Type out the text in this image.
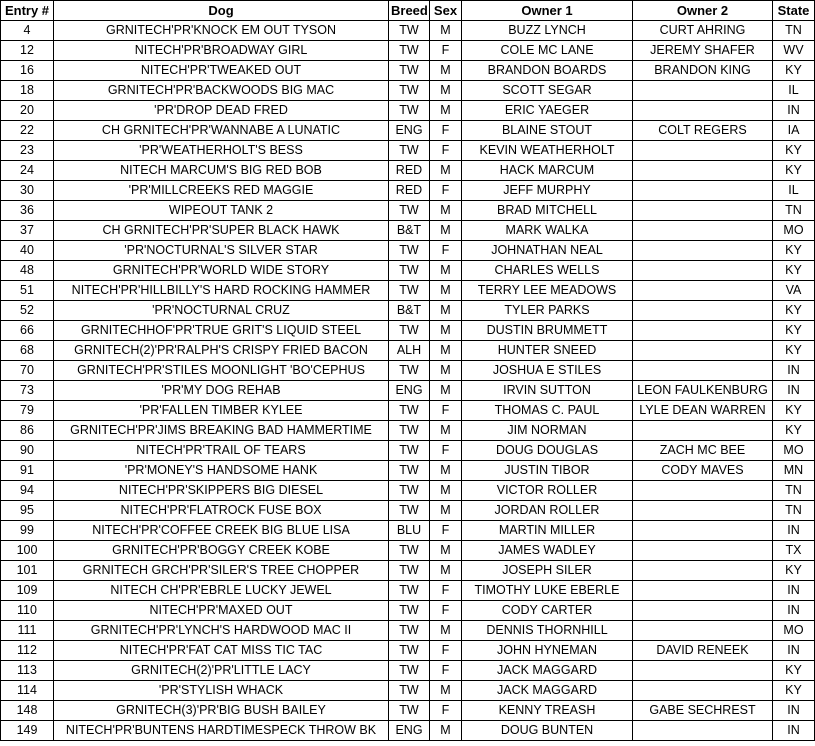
Entry #	Dog	Breed	Sex	Owner 1	Owner 2	State
4	GRNITECH'PR'KNOCK EM OUT TYSON	TW	M	BUZZ LYNCH	CURT AHRING	TN
12	NITECH'PR'BROADWAY GIRL	TW	F	COLE MC LANE	JEREMY SHAFER	WV
16	NITECH'PR'TWEAKED OUT	TW	M	BRANDON BOARDS	BRANDON KING	KY
18	GRNITECH'PR'BACKWOODS BIG MAC	TW	M	SCOTT SEGAR		IL
20	'PR'DROP DEAD FRED	TW	M	ERIC YAEGER		IN
22	CH GRNITECH'PR'WANNABE A LUNATIC	ENG	F	BLAINE STOUT	COLT REGERS	IA
23	'PR'WEATHERHOLT'S BESS	TW	F	KEVIN WEATHERHOLT		KY
24	NITECH MARCUM'S BIG RED BOB	RED	M	HACK MARCUM		KY
30	'PR'MILLCREEKS RED MAGGIE	RED	F	JEFF MURPHY		IL
36	WIPEOUT TANK 2	TW	M	BRAD MITCHELL		TN
37	CH GRNITECH'PR'SUPER BLACK HAWK	B&T	M	MARK WALKA		MO
40	'PR'NOCTURNAL'S SILVER STAR	TW	F	JOHNATHAN NEAL		KY
48	GRNITECH'PR'WORLD WIDE STORY	TW	M	CHARLES WELLS		KY
51	NITECH'PR'HILLBILLY'S HARD ROCKING HAMMER	TW	M	TERRY LEE MEADOWS		VA
52	'PR'NOCTURNAL CRUZ	B&T	M	TYLER PARKS		KY
66	GRNITECHHOF'PR'TRUE GRIT'S LIQUID STEEL	TW	M	DUSTIN BRUMMETT		KY
68	GRNITECH(2)'PR'RALPH'S CRISPY FRIED BACON	ALH	M	HUNTER SNEED		KY
70	GRNITECH'PR'STILES MOONLIGHT 'BO'CEPHUS	TW	M	JOSHUA E STILES		IN
73	'PR'MY DOG REHAB	ENG	M	IRVIN SUTTON	LEON FAULKENBURG	IN
79	'PR'FALLEN TIMBER KYLEE	TW	F	THOMAS C. PAUL	LYLE DEAN WARREN	KY
86	GRNITECH'PR'JIMS BREAKING BAD HAMMERTIME	TW	M	JIM NORMAN		KY
90	NITECH'PR'TRAIL OF TEARS	TW	F	DOUG DOUGLAS	ZACH MC BEE	MO
91	'PR'MONEY'S HANDSOME HANK	TW	M	JUSTIN TIBOR	CODY MAVES	MN
94	NITECH'PR'SKIPPERS BIG DIESEL	TW	M	VICTOR ROLLER		TN
95	NITECH'PR'FLATROCK FUSE BOX	TW	M	JORDAN ROLLER		TN
99	NITECH'PR'COFFEE CREEK BIG BLUE LISA	BLU	F	MARTIN MILLER		IN
100	GRNITECH'PR'BOGGY CREEK KOBE	TW	M	JAMES WADLEY		TX
101	GRNITECH GRCH'PR'SILER'S TREE CHOPPER	TW	M	JOSEPH SILER		KY
109	NITECH CH'PR'EBRLE LUCKY JEWEL	TW	F	TIMOTHY LUKE EBERLE		IN
110	NITECH'PR'MAXED OUT	TW	F	CODY CARTER		IN
111	GRNITECH'PR'LYNCH'S HARDWOOD MAC II	TW	M	DENNIS THORNHILL		MO
112	NITECH'PR'FAT CAT MISS TIC TAC	TW	F	JOHN HYNEMAN	DAVID RENEEK	IN
113	GRNITECH(2)'PR'LITTLE LACY	TW	F	JACK MAGGARD		KY
114	'PR'STYLISH WHACK	TW	M	JACK MAGGARD		KY
148	GRNITECH(3)'PR'BIG BUSH BAILEY	TW	F	KENNY TREASH	GABE SECHREST	IN
149	NITECH'PR'BUNTENS HARDTIMESPECK THROW BK	ENG	M	DOUG BUNTEN		IN
